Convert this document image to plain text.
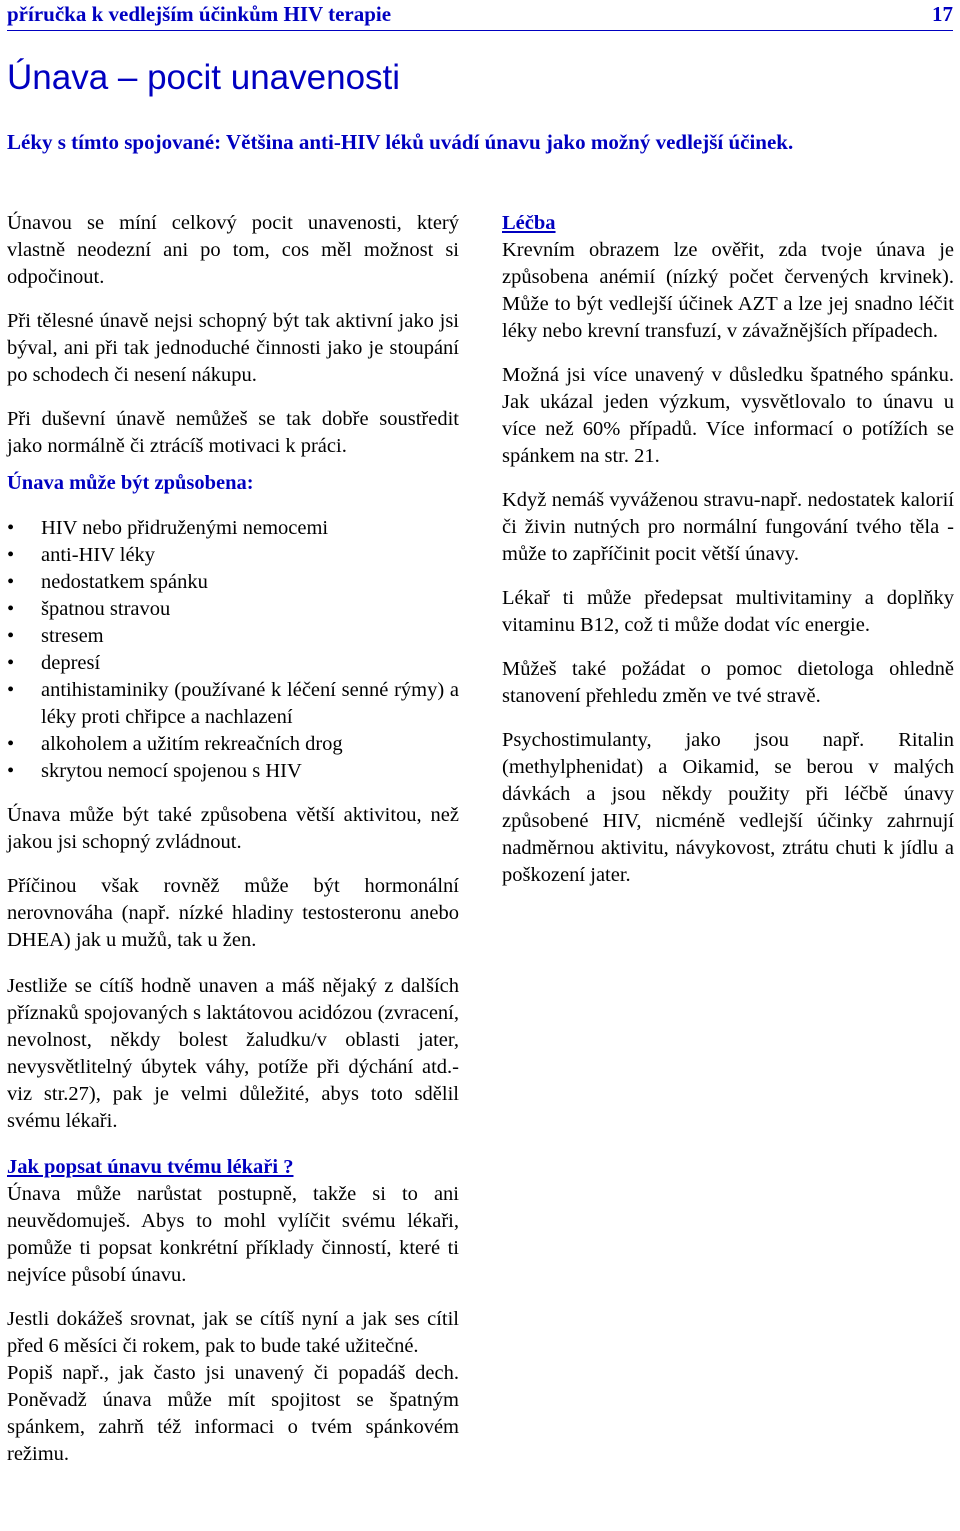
příručka k vedlejším účinkům HIV terapie	17
Únava – pocit unavenosti
Léky s tímto spojované: Většina anti-HIV léků uvádí únavu jako možný vedlejší účinek.

Únavou se míní celkový pocit unavenosti, který vlastně neodezní ani po tom, cos měl možnost si odpočinout.

Při tělesné únavě nejsi schopný být tak aktivní jako jsi býval, ani při tak jednoduché činnosti jako je stoupání po schodech či nesení nákupu.

Při duševní únavě nemůžeš se tak dobře soustředit jako normálně či ztrácíš motivaci k práci.

Únava může být způsobena:
• HIV nebo přidruženými nemocemi
• anti-HIV léky
• nedostatkem spánku
• špatnou stravou
• stresem
• depresí
• antihistaminiky (používané k léčení senné rýmy) a léky proti chřipce a nachlazení
• alkoholem a užitím rekreačních drog
• skrytou nemocí spojenou s HIV

Únava může být také způsobena větší aktivitou, než jakou jsi schopný zvládnout.

Příčinou však rovněž může být hormonální nerovnováha (např. nízké hladiny testosteronu anebo DHEA) jak u mužů, tak u žen.

Jestliže se cítíš hodně unaven a máš nějaký z dalších příznaků spojovaných s laktátovou acidózou (zvracení, nevolnost, někdy bolest žaludku/v oblasti jater, nevysvětlitelný úbytek váhy, potíže při dýchání atd.-viz str.27), pak je velmi důležité, abys toto sdělil svému lékaři.

Jak popsat únavu tvému lékaři ?

Únava může narůstat postupně, takže si to ani neuvědomuješ. Abys to mohl vylíčit svému lékaři, pomůže ti popsat konkrétní příklady činností, které ti nejvíce působí únavu.

Jestli dokážeš srovnat, jak se cítíš nyní a jak ses cítil před 6 měsíci či rokem, pak to bude také užitečné.

Popiš např., jak často jsi unavený či popadáš dech. Poněvadž únava může mít spojitost se špatným spánkem, zahrň též informaci o tvém spánkovém režimu.

Léčba

Krevním obrazem lze ověřit, zda tvoje únava je způsobena anémií (nízký počet červených krvinek). Může to být vedlejší účinek AZT a lze jej snadno léčit léky nebo krevní transfuzí, v závažnějších případech.

Možná jsi více unavený v důsledku špatného spánku. Jak ukázal jeden výzkum, vysvětlovalo to únavu u více než 60% případů. Více informací o potížích se spánkem na str. 21.

Když nemáš vyváženou stravu-např. nedostatek kalorií či živin nutných pro normální fungování tvého těla - může to zapříčinit pocit větší únavy.

Lékař ti může předepsat multivitaminy a doplňky vitaminu B12, což ti může dodat víc energie.

Můžeš také požádat o pomoc dietologa ohledně stanovení přehledu změn ve tvé stravě.

Psychostimulanty, jako jsou např. Ritalin (methylphenidat) a Oikamid, se berou v malých dávkách a jsou někdy použity při léčbě únavy způsobené HIV, nicméně vedlejší účinky zahrnují nadměrnou aktivitu, návykovost, ztrátu chuti k jídlu a poškození jater.
